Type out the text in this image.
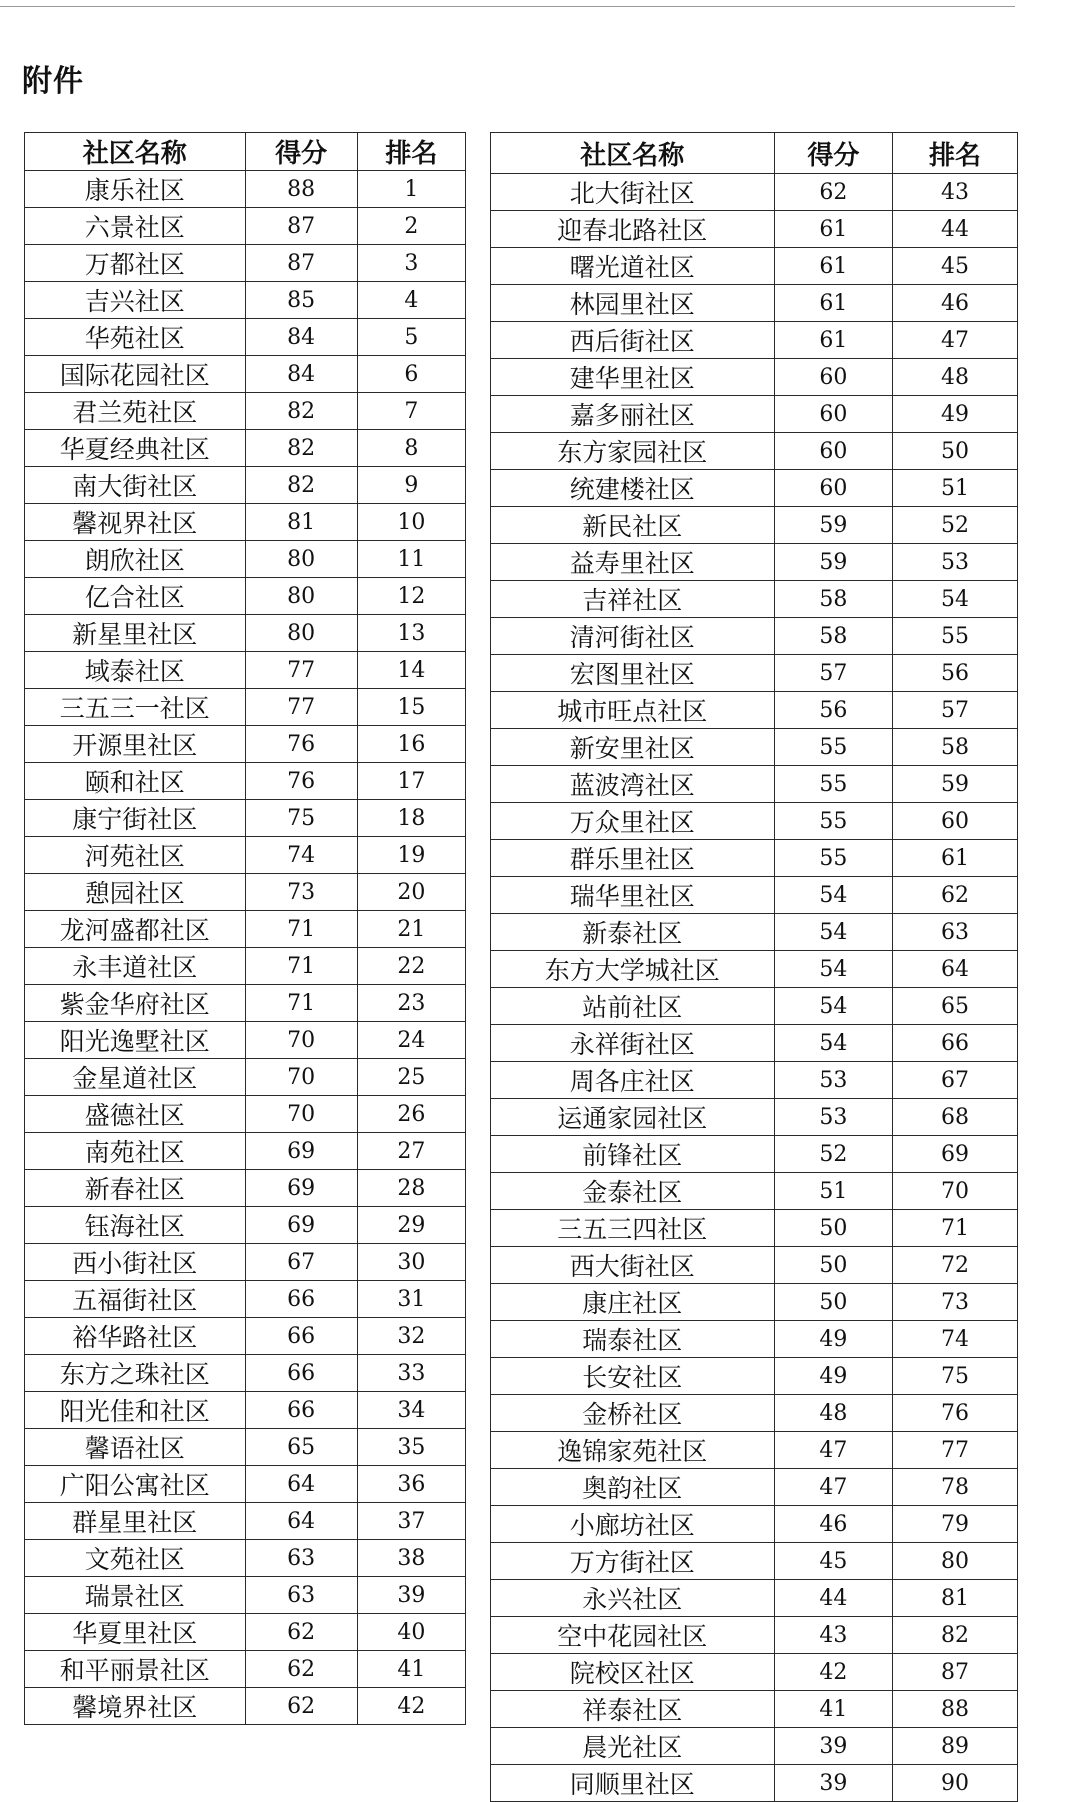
附件
社区名称	得分	排名
康乐社区	88	1
六景社区	87	2
万都社区	87	3
吉兴社区	85	4
华苑社区	84	5
国际花园社区	84	6
君兰苑社区	82	7
华夏经典社区	82	8
南大街社区	82	9
馨视界社区	81	10
朗欣社区	80	11
亿合社区	80	12
新星里社区	80	13
域泰社区	77	14
三五三一社区	77	15
开源里社区	76	16
颐和社区	76	17
康宁街社区	75	18
河苑社区	74	19
憩园社区	73	20
龙河盛都社区	71	21
永丰道社区	71	22
紫金华府社区	71	23
阳光逸墅社区	70	24
金星道社区	70	25
盛德社区	70	26
南苑社区	69	27
新春社区	69	28
钰海社区	69	29
西小街社区	67	30
五福街社区	66	31
裕华路社区	66	32
东方之珠社区	66	33
阳光佳和社区	66	34
馨语社区	65	35
广阳公寓社区	64	36
群星里社区	64	37
文苑社区	63	38
瑞景社区	63	39
华夏里社区	62	40
和平丽景社区	62	41
馨境界社区	62	42
社区名称	得分	排名
北大街社区	62	43
迎春北路社区	61	44
曙光道社区	61	45
林园里社区	61	46
西后街社区	61	47
建华里社区	60	48
嘉多丽社区	60	49
东方家园社区	60	50
统建楼社区	60	51
新民社区	59	52
益寿里社区	59	53
吉祥社区	58	54
清河街社区	58	55
宏图里社区	57	56
城市旺点社区	56	57
新安里社区	55	58
蓝波湾社区	55	59
万众里社区	55	60
群乐里社区	55	61
瑞华里社区	54	62
新泰社区	54	63
东方大学城社区	54	64
站前社区	54	65
永祥街社区	54	66
周各庄社区	53	67
运通家园社区	53	68
前锋社区	52	69
金泰社区	51	70
三五三四社区	50	71
西大街社区	50	72
康庄社区	50	73
瑞泰社区	49	74
长安社区	49	75
金桥社区	48	76
逸锦家苑社区	47	77
奥韵社区	47	78
小廊坊社区	46	79
万方街社区	45	80
永兴社区	44	81
空中花园社区	43	82
院校区社区	42	87
祥泰社区	41	88
晨光社区	39	89
同顺里社区	39	90
